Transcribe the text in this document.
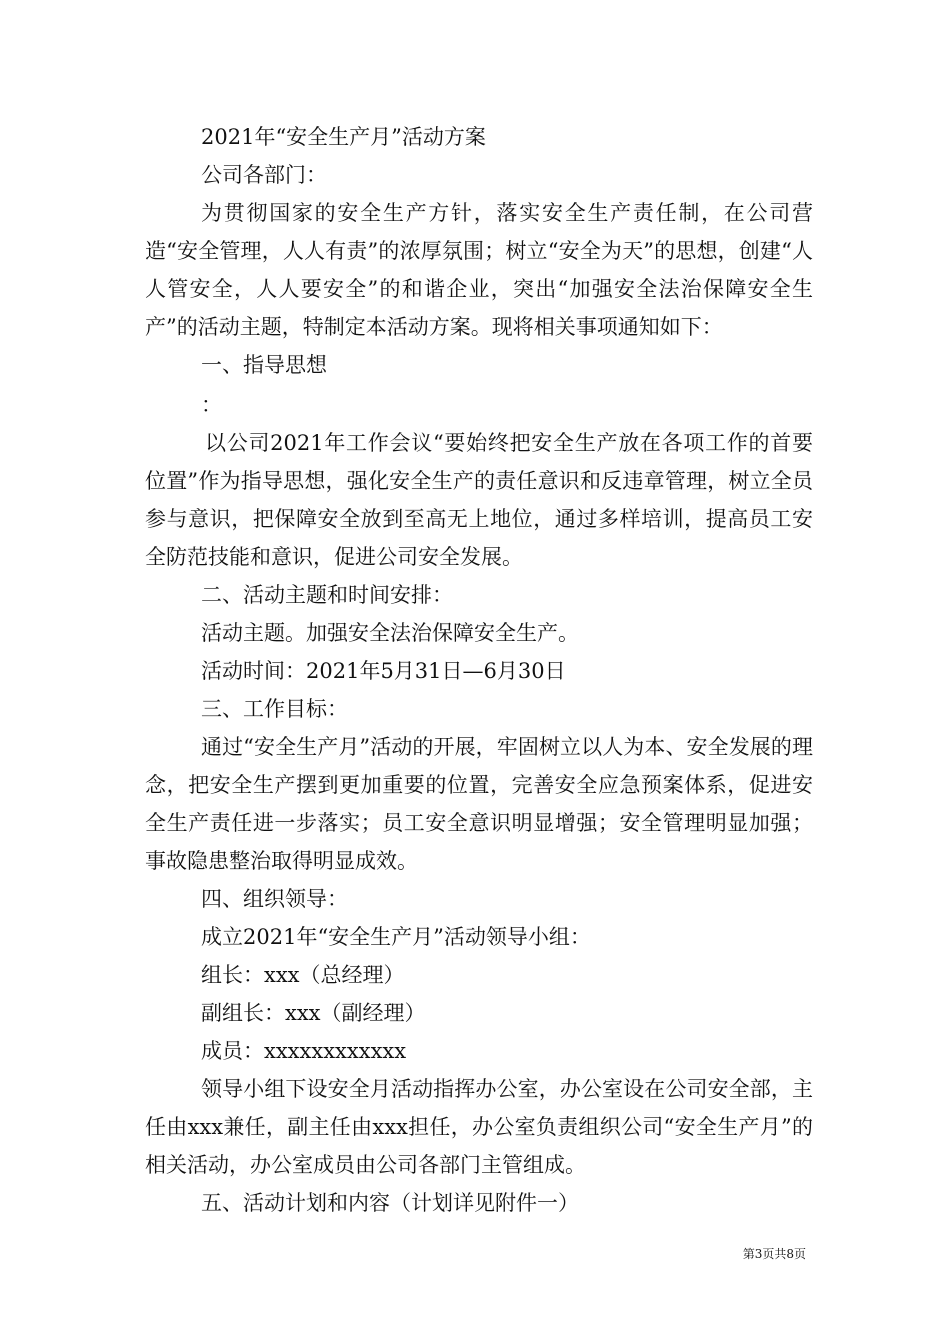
2021年“安全生产月”活动方案

公司各部门：

为贯彻国家的安全生产方针，落实安全生产责任制，在公司营造“安全管理，人人有责”的浓厚氛围；树立“安全为天”的思想，创建“人人管安全，人人要安全”的和谐企业，突出“加强安全法治保障安全生产”的活动主题，特制定本活动方案。现将相关事项通知如下：

一、指导思想

：

以公司2021年工作会议“要始终把安全生产放在各项工作的首要位置”作为指导思想，强化安全生产的责任意识和反违章管理，树立全员参与意识，把保障安全放到至高无上地位，通过多样培训，提高员工安全防范技能和意识，促进公司安全发展。

二、活动主题和时间安排：

活动主题。加强安全法治保障安全生产。

活动时间：2021年5月31日—6月30日

三、工作目标：

通过“安全生产月”活动的开展，牢固树立以人为本、安全发展的理念，把安全生产摆到更加重要的位置，完善安全应急预案体系，促进安全生产责任进一步落实；员工安全意识明显增强；安全管理明显加强；事故隐患整治取得明显成效。

四、组织领导：

成立2021年“安全生产月”活动领导小组：

组长：xxx（总经理）

副组长：xxx（副经理）

成员：xxxxxxxxxxxx

领导小组下设安全月活动指挥办公室，办公室设在公司安全部，主任由xxx兼任，副主任由xxx担任，办公室负责组织公司“安全生产月”的相关活动，办公室成员由公司各部门主管组成。

五、活动计划和内容（计划详见附件一）

第3页共8页
